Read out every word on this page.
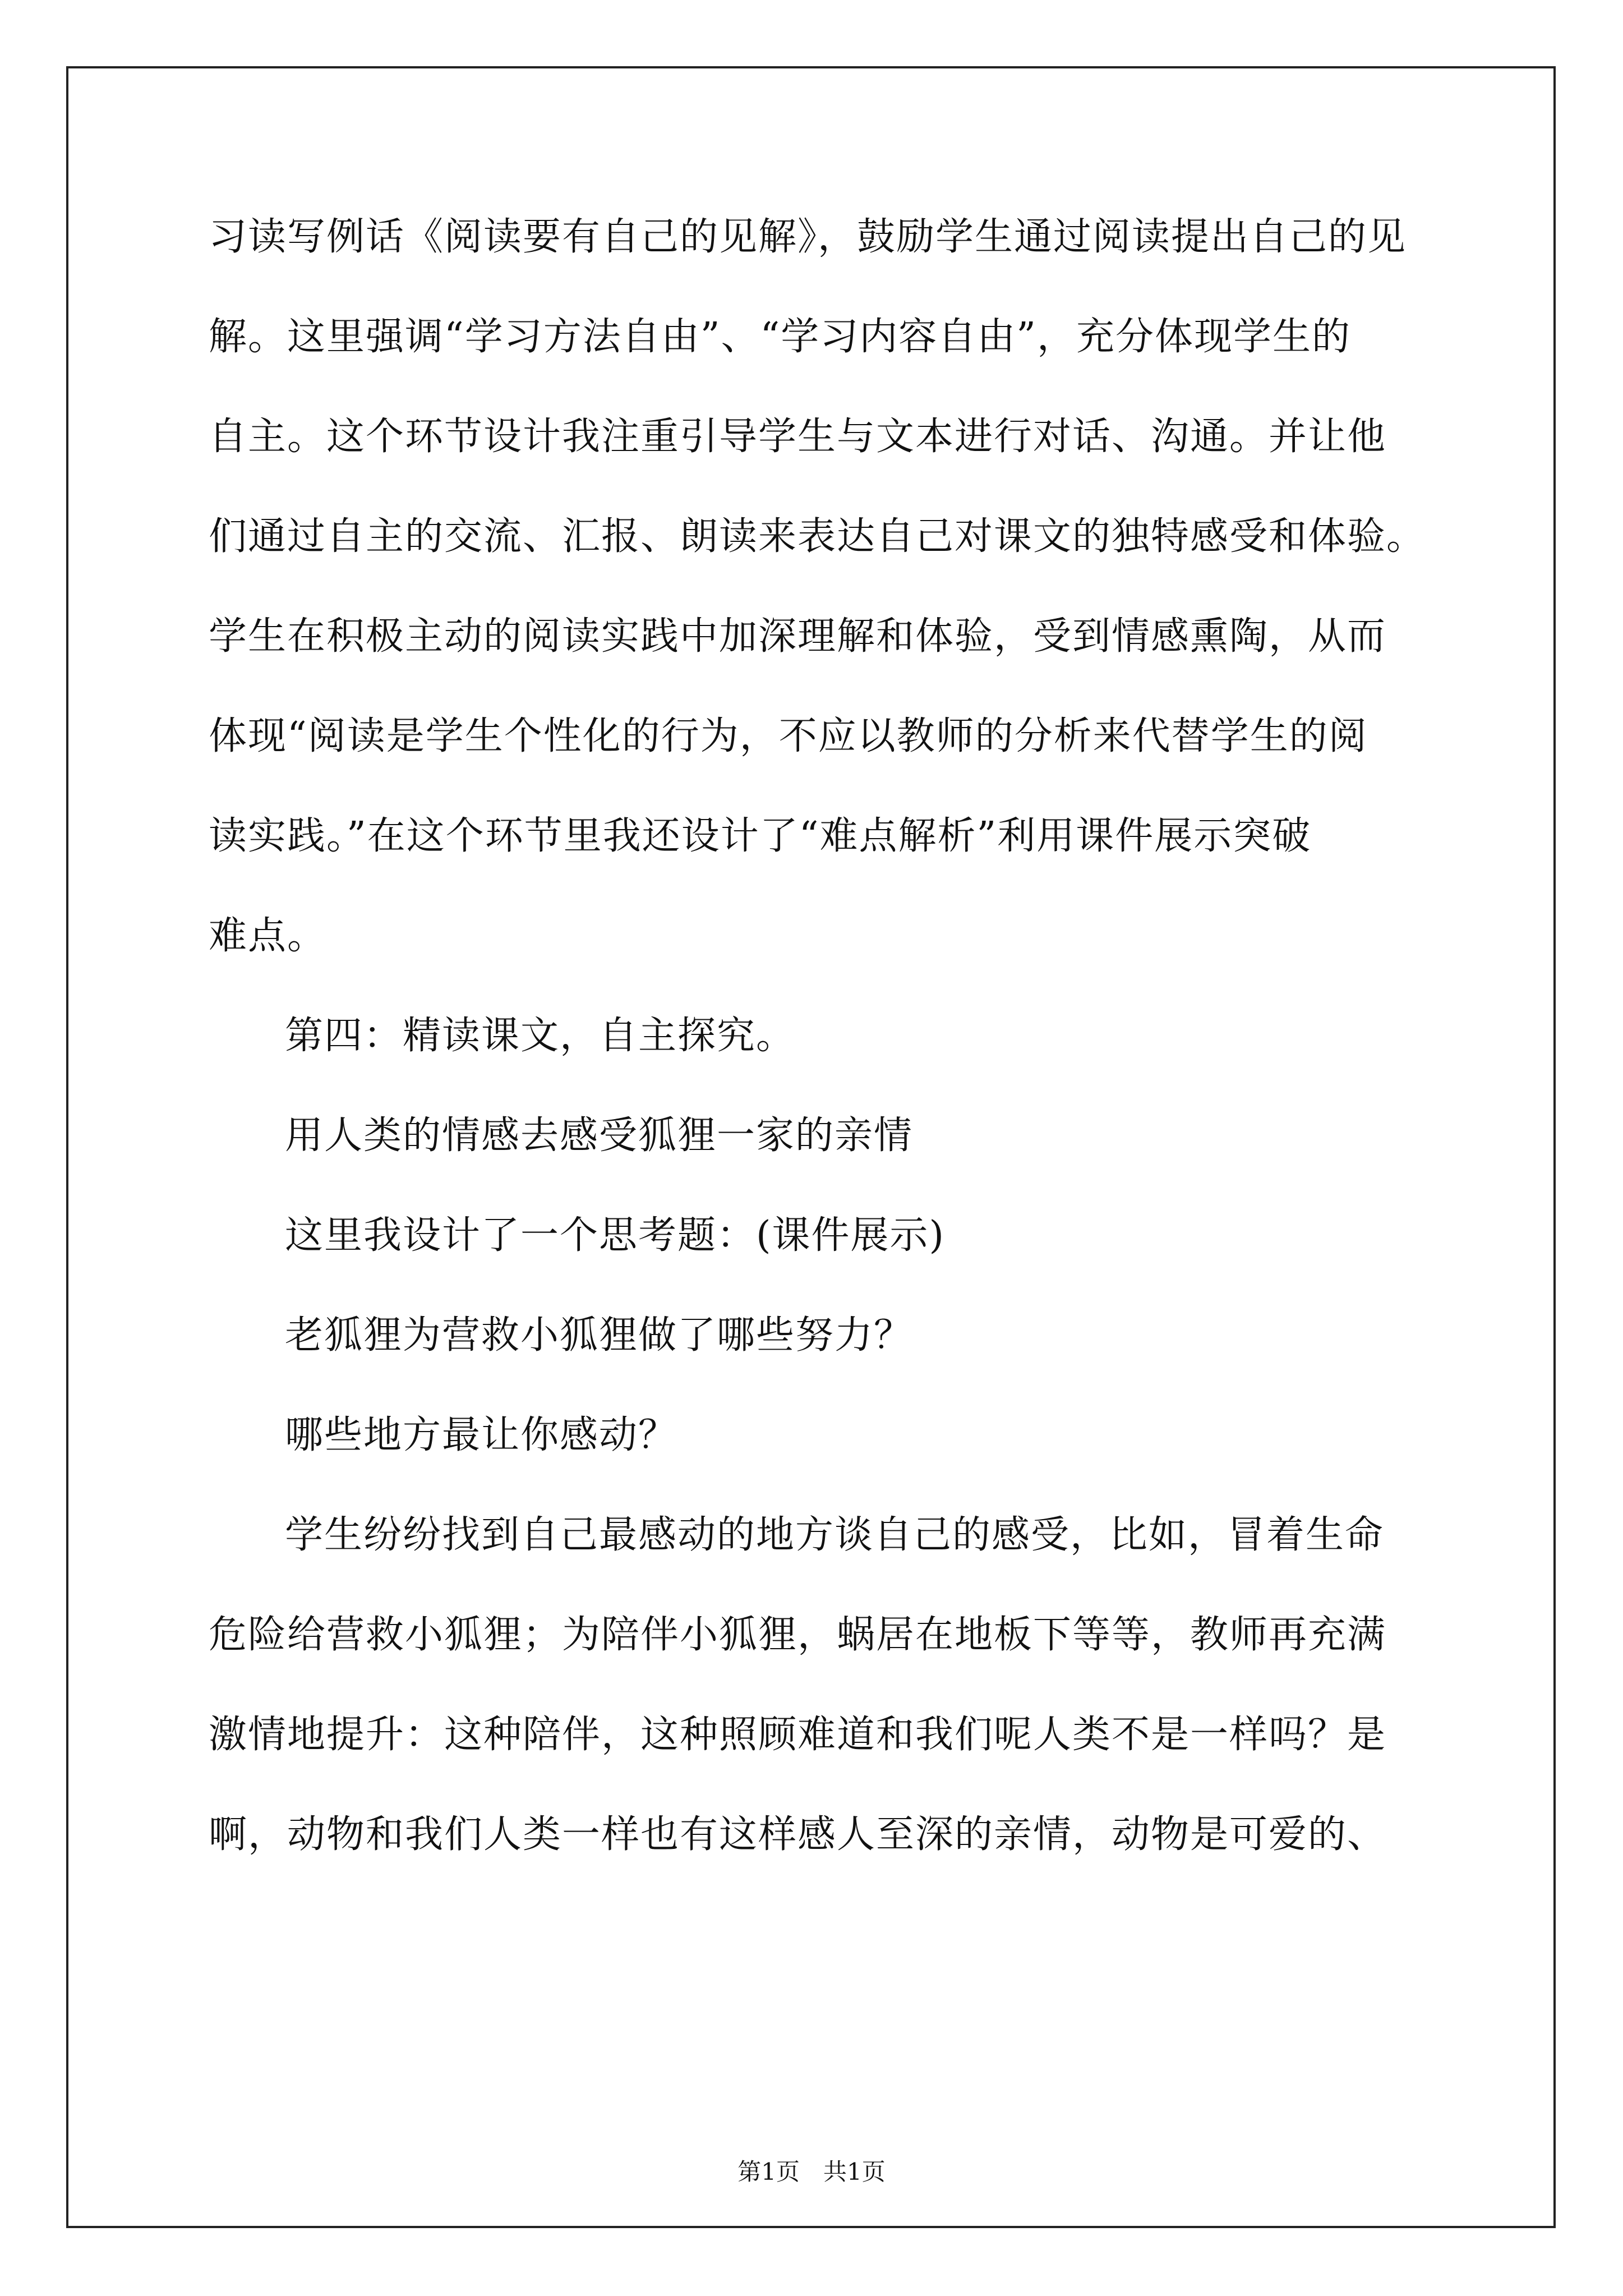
习读写例话《阅读要有自己的见解》，鼓励学生通过阅读提出自己的见
解。这里强调“学习方法自由”、“学习内容自由”，充分体现学生的
自主。这个环节设计我注重引导学生与文本进行对话、沟通。并让他
们通过自主的交流、汇报、朗读来表达自己对课文的独特感受和体验。
学生在积极主动的阅读实践中加深理解和体验，受到情感熏陶，从而
体现“阅读是学生个性化的行为，不应以教师的分析来代替学生的阅
读实践。”在这个环节里我还设计了“难点解析”利用课件展示突破
难点。
第四：精读课文，自主探究。
用人类的情感去感受狐狸一家的亲情
这里我设计了一个思考题：(课件展示)
老狐狸为营救小狐狸做了哪些努力？
哪些地方最让你感动？
学生纷纷找到自己最感动的地方谈自己的感受，比如，冒着生命
危险给营救小狐狸；为陪伴小狐狸，蜗居在地板下等等，教师再充满
激情地提升：这种陪伴，这种照顾难道和我们呢人类不是一样吗？是
啊，动物和我们人类一样也有这样感人至深的亲情，动物是可爱的、
第1页　共1页
